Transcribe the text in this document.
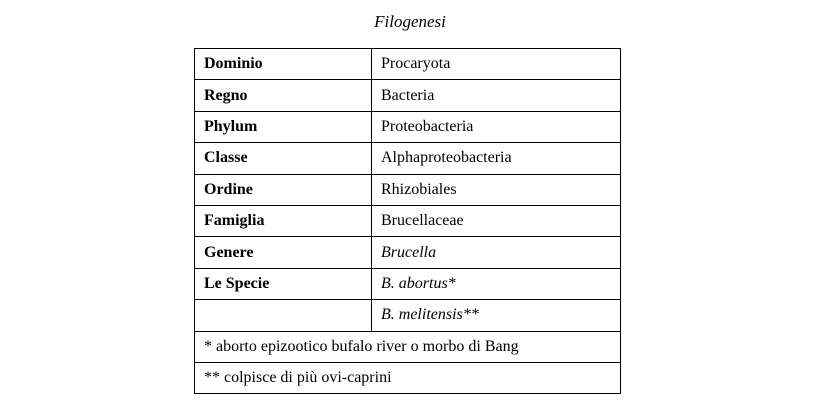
Filogenesi
Dominio	Procaryota
Regno	Bacteria
Phylum	Proteobacteria
Classe	Alphaproteobacteria
Ordine	Rhizobiales
Famiglia	Brucellaceae
Genere	Brucella
Le Specie	B. abortus*
	B. melitensis**
* aborto epizootico bufalo river o morbo di Bang	
** colpisce di più ovi-caprini	
